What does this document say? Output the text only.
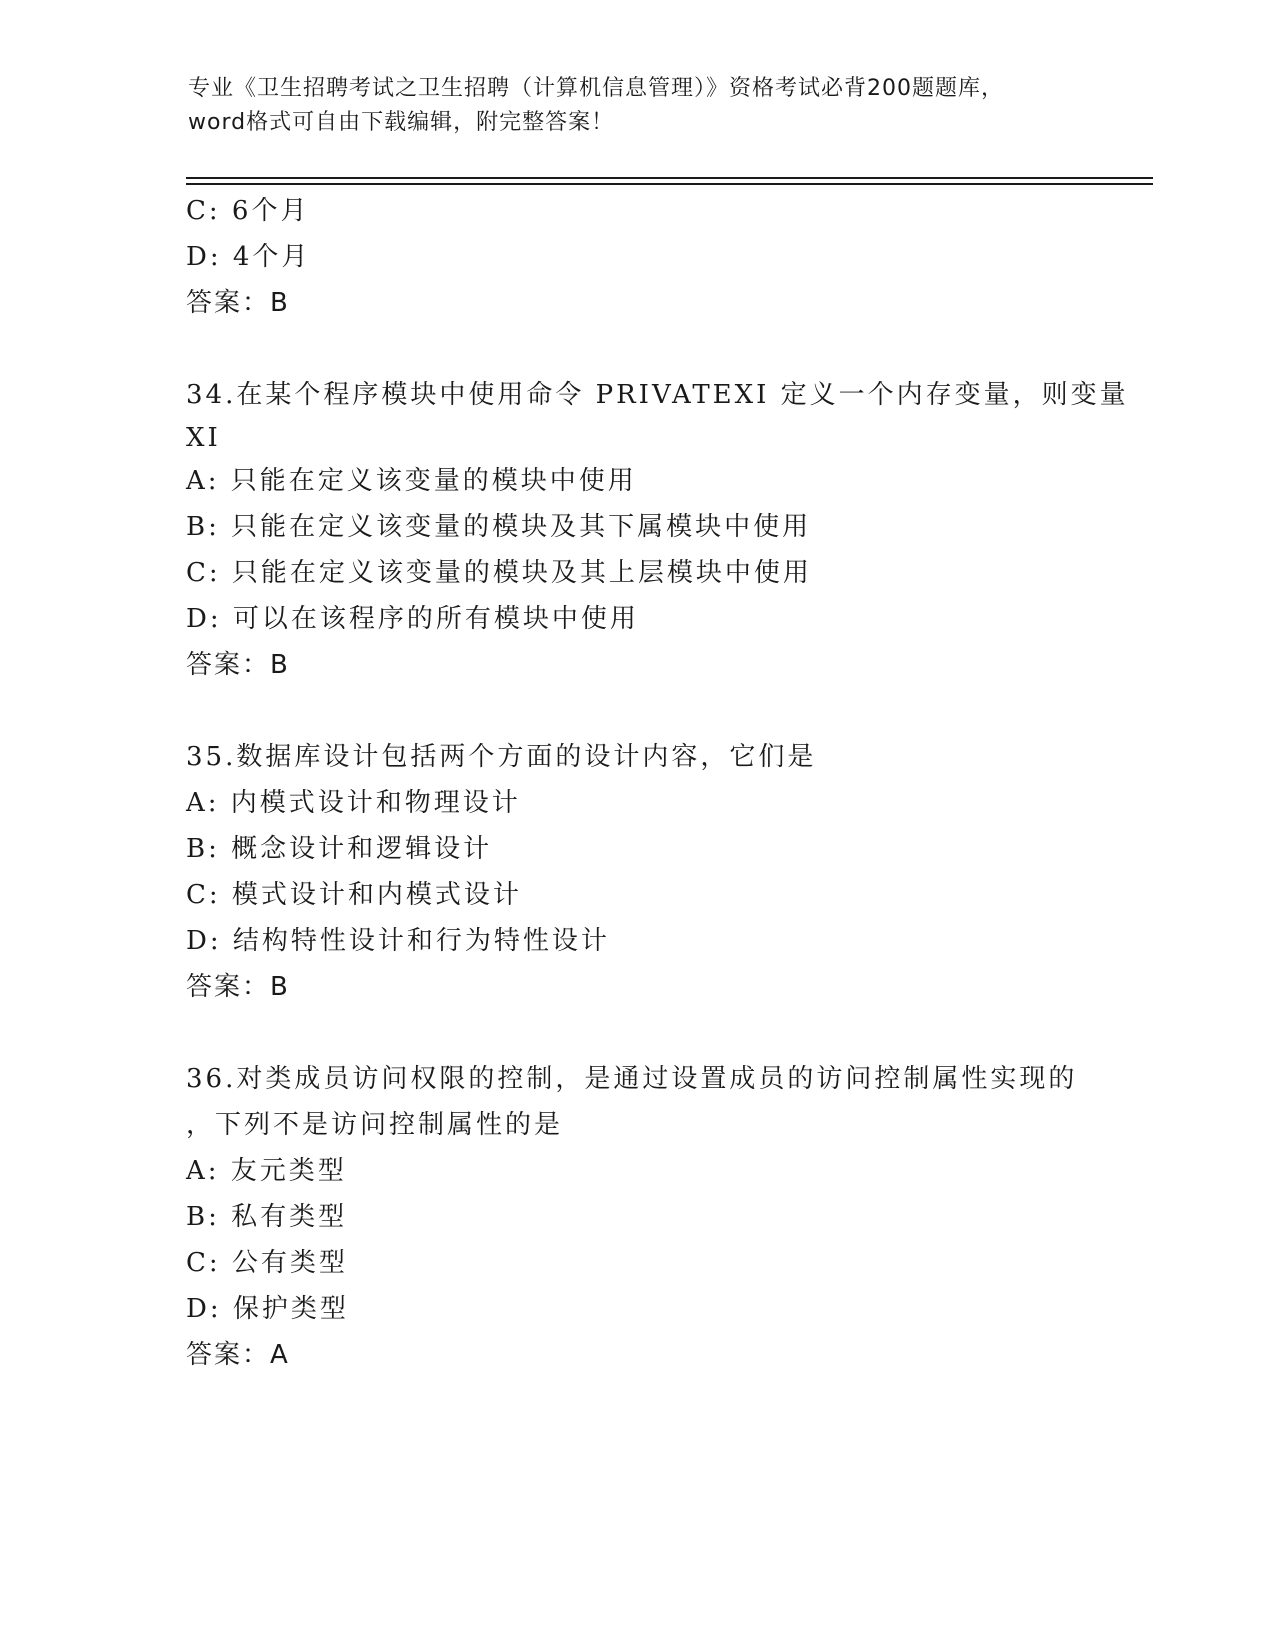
专业《卫生招聘考试之卫生招聘（计算机信息管理）》资格考试必背200题题库，
word格式可自由下载编辑，附完整答案！
C: 6个月
D: 4个月
答案：B
34.在某个程序模块中使用命令 PRIVATEXI 定义一个内存变量，则变量
XI
A: 只能在定义该变量的模块中使用
B: 只能在定义该变量的模块及其下属模块中使用
C: 只能在定义该变量的模块及其上层模块中使用
D: 可以在该程序的所有模块中使用
答案：B
35.数据库设计包括两个方面的设计内容，它们是
A: 内模式设计和物理设计
B: 概念设计和逻辑设计
C: 模式设计和内模式设计
D: 结构特性设计和行为特性设计
答案：B
36.对类成员访问权限的控制，是通过设置成员的访问控制属性实现的
，下列不是访问控制属性的是
A: 友元类型
B: 私有类型
C: 公有类型
D: 保护类型
答案：A
